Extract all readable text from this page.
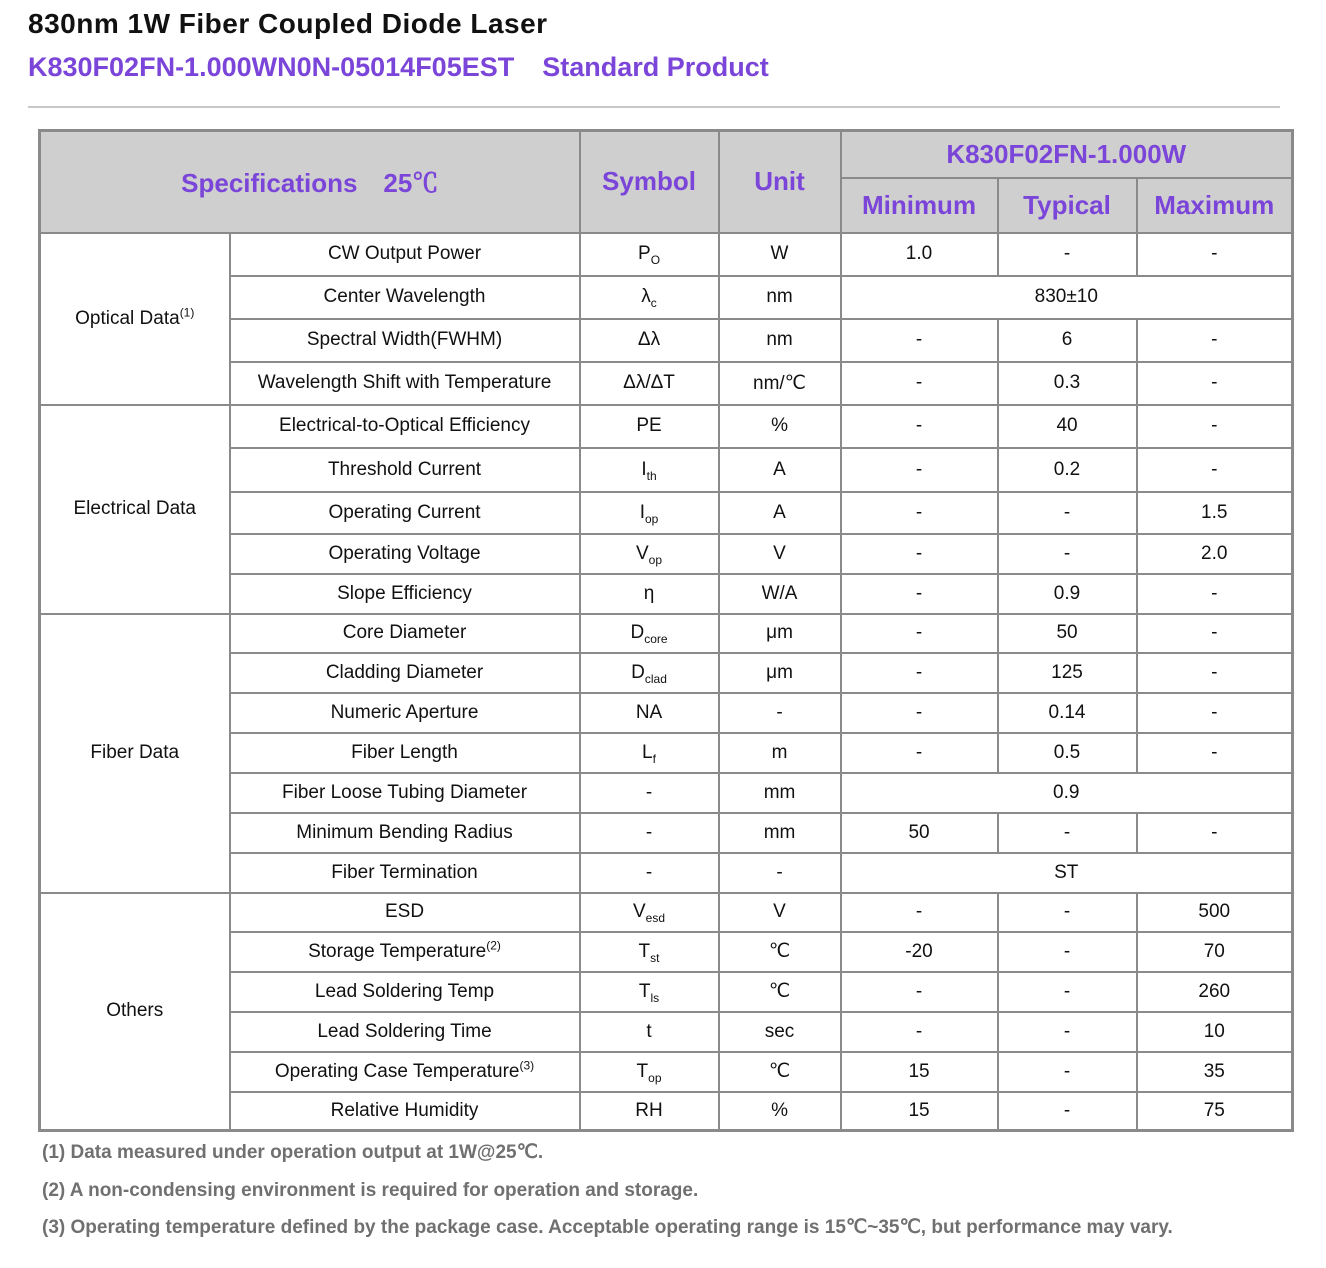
830nm 1W Fiber Coupled Diode Laser
K830F02FN-1.000WN0N-05014F05EST Standard Product
Specifications　25℃		Symbol	Unit	K830F02FN-1.000W		
				Minimum	Typical	Maximum
Optical Data$^{(1)}$	CW Output Power	$P_O$	W	1.0	-	-
	Center Wavelength	$\lambda_c$	nm	830±10		
	Spectral Width(FWHM)	Δλ	nm	-	6	-
	Wavelength Shift with Temperature	Δλ/ΔT	nm/℃	-	0.3	-
Electrical Data	Electrical-to-Optical Efficiency	PE	%	-	40	-
	Threshold Current	$I_{th}$	A	-	0.2	-
	Operating Current	$I_{op}$	A	-	-	1.5
	Operating Voltage	$V_{op}$	V	-	-	2.0
	Slope Efficiency	η	W/A	-	0.9	-
Fiber Data	Core Diameter	$D_{core}$	μm	-	50	-
	Cladding Diameter	$D_{clad}$	μm	-	125	-
	Numeric Aperture	NA	-	-	0.14	-
	Fiber Length	$L_f$	m	-	0.5	-
	Fiber Loose Tubing Diameter	-	mm	0.9		
	Minimum Bending Radius	-	mm	50	-	-
	Fiber Termination	-	-	ST		
Others	ESD	$V_{esd}$	V	-	-	500
	Storage Temperature$^{(2)}$	$T_{st}$	℃	-20	-	70
	Lead Soldering Temp	$T_{ls}$	℃	-	-	260
	Lead Soldering Time	t	sec	-	-	10
	Operating Case Temperature$^{(3)}$	$T_{op}$	℃	15	-	35
	Relative Humidity	RH	%	15	-	75
(1) Data measured under operation output at 1W@25℃.
(2) A non-condensing environment is required for operation and storage.
(3) Operating temperature defined by the package case. Acceptable operating range is 15℃~35℃, but performance may vary.
